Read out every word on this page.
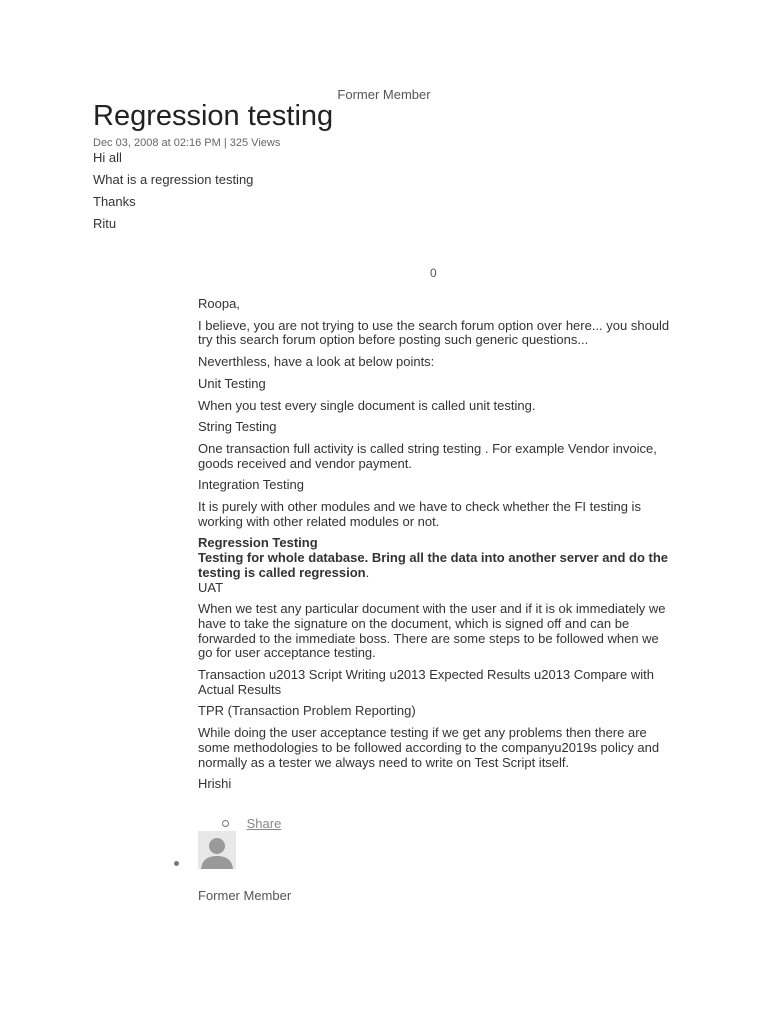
Former Member
Regression testing
Dec 03, 2008 at 02:16 PM | 325 Views

Hi all

What is a regression testing

Thanks

Ritu

0

Roopa,

I believe, you are not trying to use the search forum option over here... you should try this search forum option before posting such generic questions...

Neverthless, have a look at below points:

Unit Testing

When you test every single document is called unit testing.

String Testing

One transaction full activity is called string testing . For example Vendor invoice, goods received and vendor payment.

Integration Testing

It is purely with other modules and we have to check whether the FI testing is working with other related modules or not.

Regression Testing

Testing for whole database. Bring all the data into another server and do the testing is called regression.

UAT

When we test any particular document with the user and if it is ok immediately we have to take the signature on the document, which is signed off and can be forwarded to the immediate boss. There are some steps to be followed when we go for user acceptance testing.

Transaction u2013 Script Writing u2013 Expected Results u2013 Compare with Actual Results

TPR (Transaction Problem Reporting)

While doing the user acceptance testing if we get any problems then there are some methodologies to be followed according to the companyu2019s policy and normally as a tester we always need to write on Test Script itself.

Hrishi

Share
Former Member
